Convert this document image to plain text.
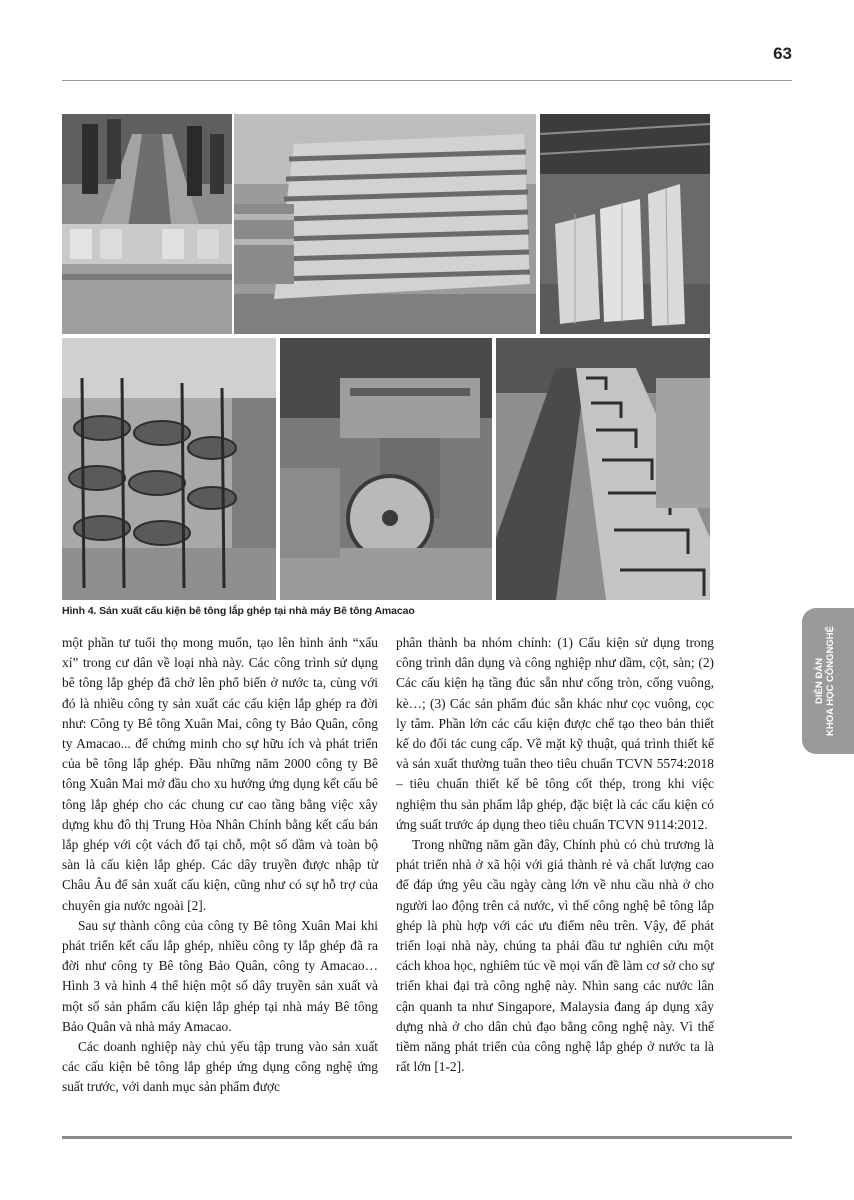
63
Hình 4. Sản xuất cấu kiện bê tông lắp ghép tại nhà máy Bê tông Amacao

một phần tư tuổi thọ mong muốn, tạo lên hình ảnh “xấu xí” trong cư dân về loại nhà này. Các công trình sử dụng bê tông lắp ghép đã chở lên phổ biến ở nước ta, cùng với đó là nhiều công ty sản xuất các cấu kiện lắp ghép ra đời như: Công ty Bê tông Xuân Mai, công ty Bảo Quân, công ty Amacao... để chứng minh cho sự hữu ích và phát triển của bê tông lắp ghép. Đầu những năm 2000 công ty Bê tông Xuân Mai mở đầu cho xu hướng ứng dụng kết cấu bê tông lắp ghép cho các chung cư cao tầng bằng việc xây dựng khu đô thị Trung Hòa Nhân Chính bằng kết cấu bán lắp ghép với cột vách đổ tại chỗ, một số dầm và toàn bộ sàn là cấu kiện lắp ghép. Các dây truyền được nhập từ Châu Âu để sản xuất cấu kiện, cũng như có sự hỗ trợ của chuyên gia nước ngoài [2].

Sau sự thành công của công ty Bê tông Xuân Mai khi phát triển kết cấu lắp ghép, nhiều công ty lắp ghép đã ra đời như công ty Bê tông Bảo Quân, công ty Amacao… Hình 3 và hình 4 thể hiện một số dây truyền sản xuất và một số sản phẩm cấu kiện lắp ghép tại nhà máy Bê tông Bảo Quân và nhà máy Amacao.

Các doanh nghiệp này chủ yếu tập trung vào sản xuất các cấu kiện bê tông lắp ghép ứng dụng công nghệ ứng suất trước, với danh mục sản phẩm được

phân thành ba nhóm chính: (1) Cấu kiện sử dụng trong công trình dân dụng và công nghiệp như dầm, cột, sàn; (2) Các cấu kiện hạ tầng đúc sẵn như cống tròn, cống vuông, kè…; (3) Các sản phẩm đúc sẵn khác như cọc vuông, cọc ly tâm. Phần lớn các cấu kiện được chế tạo theo bản thiết kế do đối tác cung cấp. Về mặt kỹ thuật, quá trình thiết kế và sản xuất thường tuân theo tiêu chuẩn TCVN 5574:2018 – tiêu chuẩn thiết kế bê tông cốt thép, trong khi việc nghiệm thu sản phẩm lắp ghép, đặc biệt là các cấu kiện có ứng suất trước áp dụng theo tiêu chuẩn TCVN 9114:2012.

Trong những năm gần đây, Chính phủ có chủ trương là phát triển nhà ở xã hội với giá thành rẻ và chất lượng cao để đáp ứng yêu cầu ngày càng lớn về nhu cầu nhà ở cho người lao động trên cả nước, vì thế công nghệ bê tông lắp ghép là phù hợp với các ưu điểm nêu trên. Vậy, để phát triển loại nhà này, chúng ta phải đầu tư nghiên cứu một cách khoa học, nghiêm túc về mọi vấn đề làm cơ sở cho sự triển khai đại trà công nghệ này. Nhìn sang các nước lân cận quanh ta như Singapore, Malaysia đang áp dụng xây dựng nhà ở cho dân chủ đạo bằng công nghệ này. Vì thế tiềm năng phát triển của công nghệ lắp ghép ở nước ta là rất lớn [1-2].

DIỄN ĐÀN KHOA HỌC CÔNGNGHỆ
